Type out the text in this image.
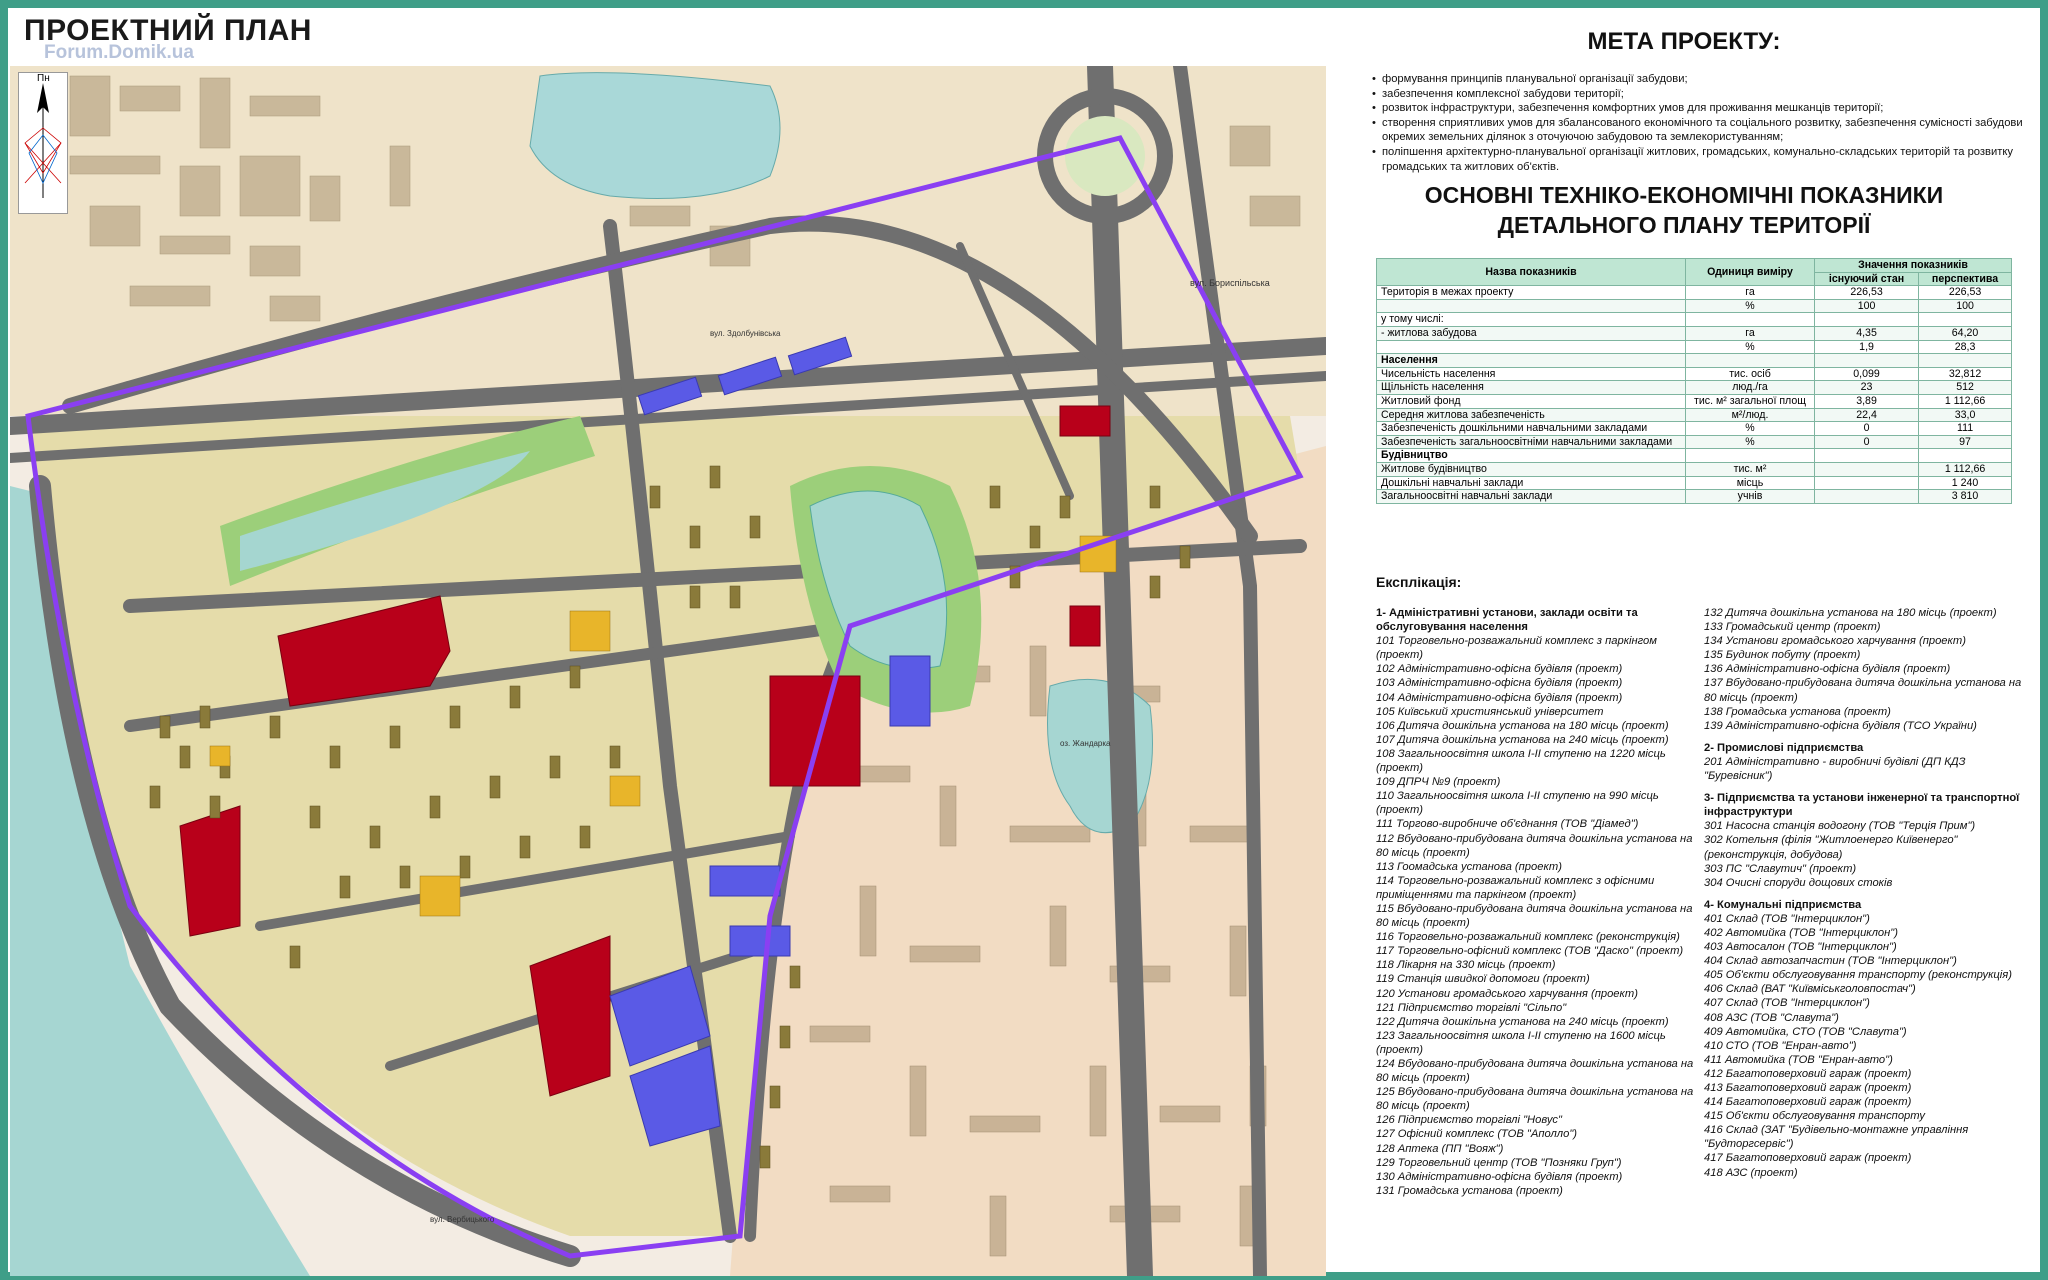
ПРОЕКТНИЙ ПЛАН
вул. Бориспільська
вул. Здолбунівська
оз. Жандарка
вул. Вербицького
Forum.Domik.ua
Пн
МЕТА ПРОЕКТУ:
• формування принципів планувальної організації забудови;
• забезпечення комплексної забудови території;
• розвиток інфраструктури, забезпечення комфортних умов для проживання мешканців території;
• створення сприятливих умов для збалансованого економічного та соціального розвитку, забезпечення сумісності забудови окремих земельних ділянок з оточуючою забудовою та землекористуванням;
• поліпшення архітектурно-планувальної організації житлових, громадських, комунально-складських територій та розвитку громадських та житлових об'єктів.
ОСНОВНІ ТЕХНІКО-ЕКОНОМІЧНІ ПОКАЗНИКИ
ДЕТАЛЬНОГО ПЛАНУ ТЕРИТОРІЇ
Назва показників	Одиниця виміру	Значення показників	
		існуючий стан	перспектива
Територія в межах проекту	га	226,53	226,53
	%	100	100
у тому числі:			
- житлова забудова	га	4,35	64,20
	%	1,9	28,3
Населення			
Чисельність населення	тис. осіб	0,099	32,812
Щільність населення	люд./га	23	512
Житловий фонд	тис. м² загальної площ	3,89	1 112,66
Середня житлова забезпеченість	м²/люд.	22,4	33,0
Забезпеченість дошкільними навчальними закладами	%	0	111
Забезпеченість загальноосвітніми навчальними закладами	%	0	97
Будівництво			
Житлове будівництво	тис. м²		1 112,66
Дошкільні навчальні заклади	місць		1 240
Загальноосвітні навчальні заклади	учнів		3 810
Експлікація:
1- Адміністративні установи, заклади освіти та обслуговування населення
101 Торговельно-розважальний комплекс з паркінгом (проект)
102 Адміністративно-офісна будівля (проект)
103 Адміністративно-офісна будівля (проект)
104 Адміністративно-офісна будівля (проект)
105 Київський християнський університет
106 Дитяча дошкільна установа на 180 місць (проект)
107 Дитяча дошкільна установа на 240 місць (проект)
108 Загальноосвітня школа І-ІІ ступеню на 1220 місць (проект)
109 ДПРЧ №9 (проект)
110 Загальноосвітня школа І-ІІ ступеню на 990 місць (проект)
111 Торгово-виробниче об'єднання (ТОВ "Діамед")
112 Вбудовано-прибудована дитяча дошкільна установа на 80 місць (проект)
113 Гоомадська установа (проект)
114 Торговельно-розважальний комплекс з офісними приміщеннями та паркінгом (проект)
115 Вбудовано-прибудована дитяча дошкільна установа на 80 місць (проект)
116 Торговельно-розважальний комплекс (реконструкція)
117 Торговельно-офісний комплекс (ТОВ "Даско" (проект)
118 Лікарня на 330 місць (проект)
119 Станція швидкої допомоги (проект)
120 Установи громадського харчування (проект)
121 Підприємство торгівлі "Сільпо"
122 Дитяча дошкільна установа на 240 місць (проект)
123 Загальноосвітня школа І-ІІ ступеню на 1600 місць (проект)
124 Вбудовано-прибудована дитяча дошкільна установа на 80 місць (проект)
125 Вбудовано-прибудована дитяча дошкільна установа на 80 місць (проект)
126 Підприємство торгівлі "Новус"
127 Офісний комплекс (ТОВ "Аполло")
128 Аптека (ПП "Вояж")
129 Торговельний центр (ТОВ "Позняки Груп")
130 Адміністративно-офісна будівля (проект)
131 Громадська установа (проект)
132 Дитяча дошкільна установа на 180 місць (проект)
133 Громадський центр (проект)
134 Установи громадського харчування (проект)
135 Будинок побуту (проект)
136 Адміністративно-офісна будівля (проект)
137 Вбудовано-прибудована дитяча дошкільна установа на 80 місць (проект)
138 Громадська установа (проект)
139 Адміністративно-офісна будівля (ТСО України)
2- Промислові підприємства
201 Адміністративно - виробничі будівлі (ДП КДЗ "Буревісник")
3- Підприємства та установи інженерної та транспортної інфраструктури
301 Насосна станція водогону (ТОВ "Терція Прим")
302 Котельня (філія "Житлоенерго Київенерго" (реконструкція, добудова)
303 ПС "Славутич" (проект)
304 Очисні споруди дощових стоків
4- Комунальні підприємства
401 Склад (ТОВ "Інтерциклон")
402 Автомийка (ТОВ "Інтерциклон")
403 Автосалон (ТОВ "Інтерциклон")
404 Склад автозапчастин (ТОВ "Інтерциклон")
405 Об'єкти обслуговування транспорту (реконструкція)
406 Склад (ВАТ "Київміськголовпостач")
407 Склад (ТОВ "Інтерциклон")
408 АЗС (ТОВ "Славута")
409 Автомийка, СТО (ТОВ "Славута")
410 СТО (ТОВ "Енран-авто")
411 Автомийка (ТОВ "Енран-авто")
412 Багатоповерховий гараж (проект)
413 Багатоповерховий гараж (проект)
414 Багатоповерховий гараж (проект)
415 Об'єкти обслуговування транспорту
416 Склад (ЗАТ "Будівельно-монтажне управління "Будторгсервіс")
417 Багатоповерховий гараж (проект)
418 АЗС (проект)
